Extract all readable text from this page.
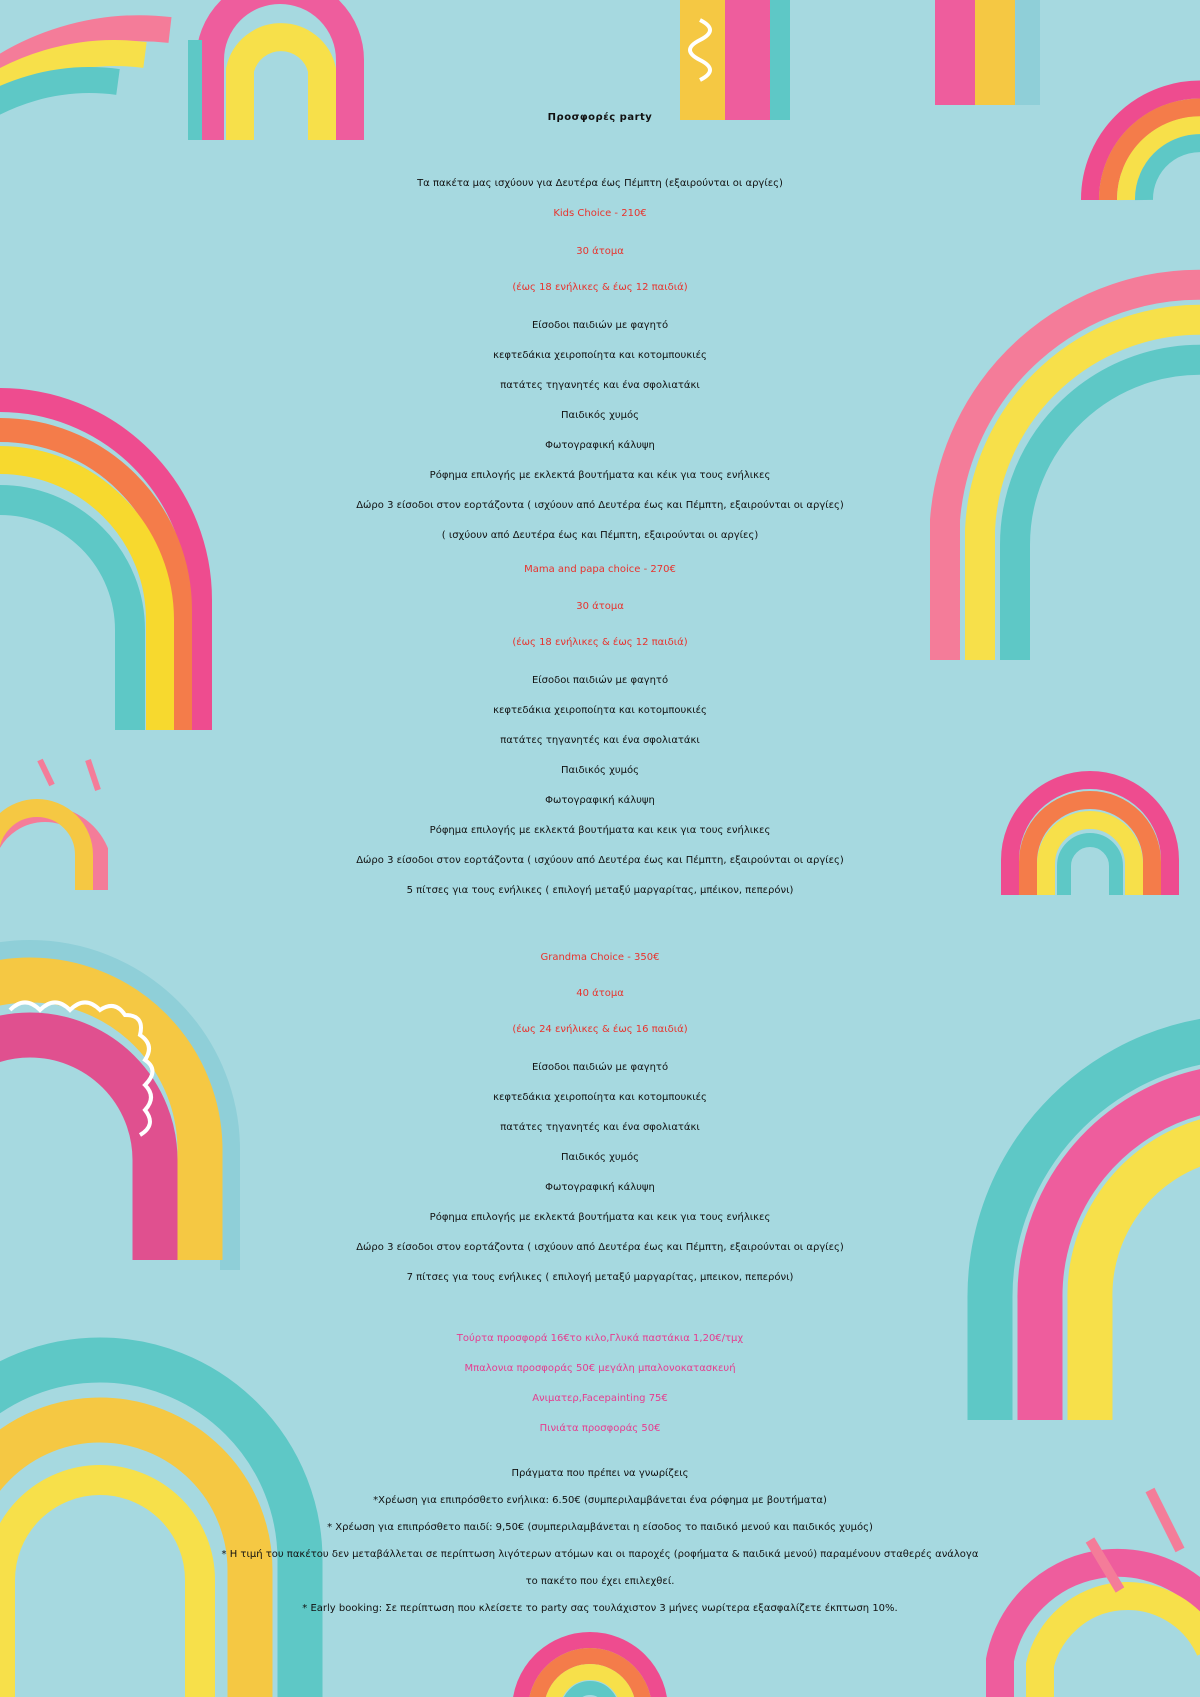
Προσφορές party
Τα πακέτα μας ισχύουν για Δευτέρα έως Πέμπτη (εξαιρούνται οι αργίες)
Kids Choice - 210€
30 άτομα
(έως 18 ενήλικες & έως 12 παιδιά)
Είσοδοι παιδιών με φαγητό
κεφτεδάκια χειροποίητα και κοτομπουκιές
πατάτες τηγανητές και ένα σφολιατάκι
Παιδικός χυμός
Φωτογραφική κάλυψη
Ρόφημα επιλογής με εκλεκτά βουτήματα και κέικ για τους ενήλικες
Δώρο 3 είσοδοι στον εορτάζοντα ( ισχύουν από Δευτέρα έως και Πέμπτη, εξαιρούνται οι αργίες)
( ισχύουν από Δευτέρα έως και Πέμπτη, εξαιρούνται οι αργίες)
Mama and papa choice - 270€
30 άτομα
(έως 18 ενήλικες & έως 12 παιδιά)
Είσοδοι παιδιών με φαγητό
κεφτεδάκια χειροποίητα και κοτομπουκιές
πατάτες τηγανητές και ένα σφολιατάκι
Παιδικός χυμός
Φωτογραφική κάλυψη
Ρόφημα επιλογής με εκλεκτά βουτήματα και κεικ για τους ενήλικες
Δώρο 3 είσοδοι στον εορτάζοντα ( ισχύουν από Δευτέρα έως και Πέμπτη, εξαιρούνται οι αργίες)
5 πίτσες για τους ενήλικες ( επιλογή μεταξύ μαργαρίτας, μπέικον, πεπερόνι)
Grandma Choice - 350€
40 άτομα
(έως 24 ενήλικες & έως 16 παιδιά)
Είσοδοι παιδιών με φαγητό
κεφτεδάκια χειροποίητα και κοτομπουκιές
πατάτες τηγανητές και ένα σφολιατάκι
Παιδικός χυμός
Φωτογραφική κάλυψη
Ρόφημα επιλογής με εκλεκτά βουτήματα και κεικ για τους ενήλικες
Δώρο 3 είσοδοι στον εορτάζοντα ( ισχύουν από Δευτέρα έως και Πέμπτη, εξαιρούνται οι αργίες)
7 πίτσες για τους ενήλικες ( επιλογή μεταξύ μαργαρίτας, μπεικον, πεπερόνι)
Τούρτα προσφορά 16€το κιλο,Γλυκά παστάκια 1,20€/τμχ
Μπαλονια προσφοράς 50€ μεγάλη μπαλονοκατασκευή
Ανιματερ,Facepainting 75€
Πινιάτα προσφοράς 50€
Πράγματα που πρέπει να γνωρίζεις
*Χρέωση για επιπρόσθετο ενήλικα: 6.50€ (συμπεριλαμβάνεται ένα ρόφημα με βουτήματα)
* Χρέωση για επιπρόσθετο παιδί: 9,50€ (συμπεριλαμβάνεται η είσοδος το παιδικό μενού και παιδικός χυμός)
* Η τιμή του πακέτου δεν μεταβάλλεται σε περίπτωση λιγότερων ατόμων και οι παροχές (ροφήματα & παιδικά μενού) παραμένουν σταθερές ανάλογα
το πακέτο που έχει επιλεχθεί.
* Early booking: Σε περίπτωση που κλείσετε το party σας τουλάχιστον 3 μήνες νωρίτερα εξασφαλίζετε έκπτωση 10%.
